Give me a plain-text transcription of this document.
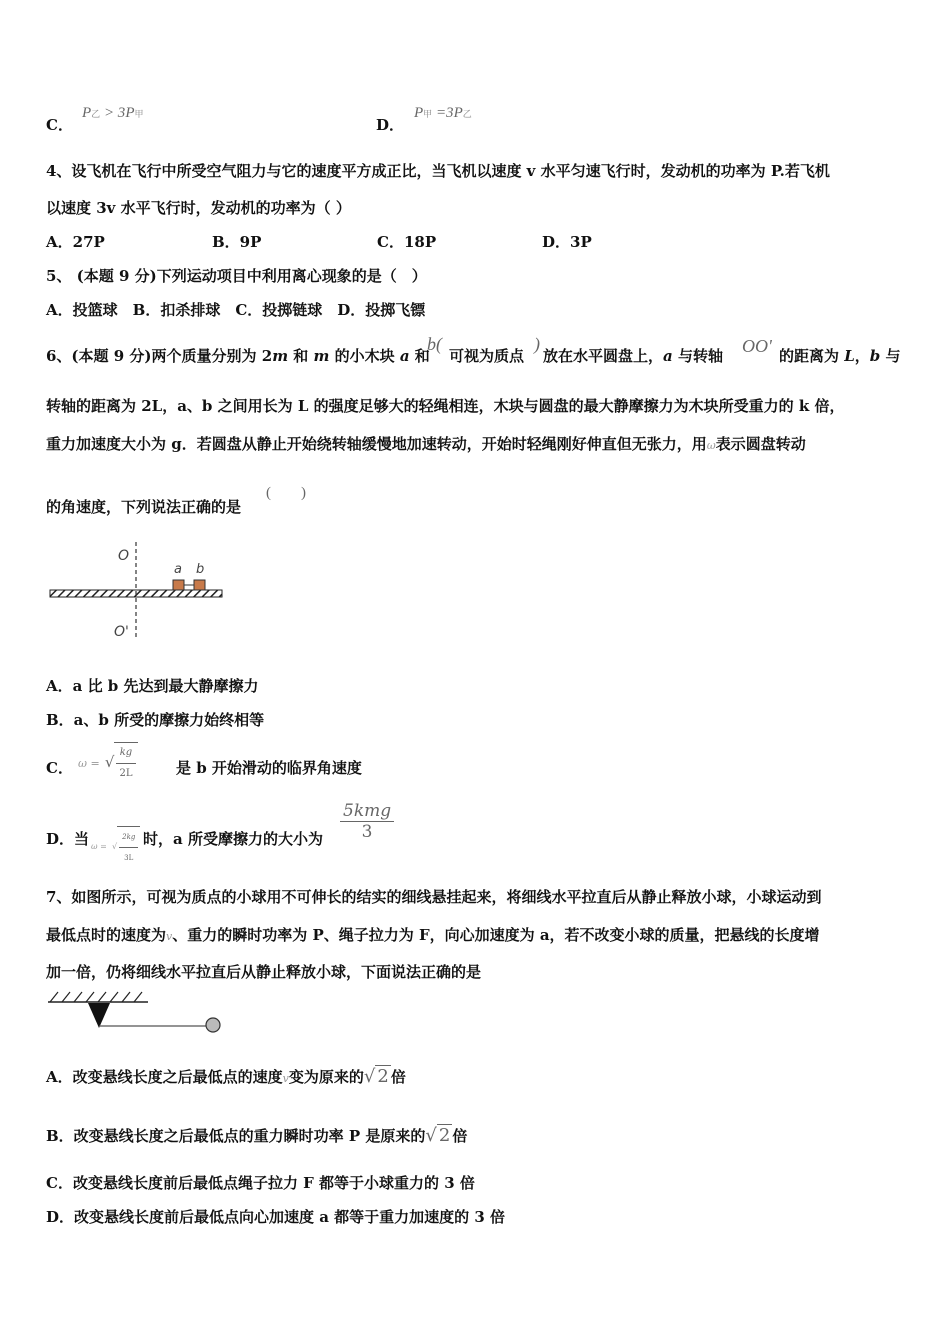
C．
P乙 > 3P甲
D．
P甲 =3P乙
4、设飞机在飞行中所受空气阻力与它的速度平方成正比，当飞机以速度 v 水平匀速飞行时，发动机的功率为 P.若飞机
以速度 3v 水平飞行时，发动机的功率为（ ）
A．27P	B．9P	C．18P	D．3P
5、 (本题 9 分)下列运动项目中利用离心现象的是（　）
A．投篮球　B．扣杀排球　C．投掷链球　D．投掷飞镖
6、(本题 9 分)两个质量分别为 2m 和 m 的小木块 a 和
b(
可视为质点
)
放在水平圆盘上，a 与转轴 OO' 的距离为 L，b 与
转轴的距离为 2L，a、b 之间用长为 L 的强度足够大的轻绳相连，木块与圆盘的最大静摩擦力为木块所受重力的 k 倍，
重力加速度大小为 g．若圆盘从静止开始绕转轴缓慢地加速转动，开始时轻绳刚好伸直但无张力，用ω表示圆盘转动
的角速度，下列说法正确的是
(　　)
O
O'
a b
A．a 比 b 先达到最大静摩擦力
B．a、b 所受的摩擦力始终相等
C． ω = √ $\frac{kg}{2L}$	是 b 开始滑动的临界角速度
D．当 ω = √ $\frac{2kg}{3L}$ 时，a 所受摩擦力的大小为 $\frac{\text{5kmg}}{3}$
7、如图所示，可视为质点的小球用不可伸长的结实的细线悬挂起来，将细线水平拉直后从静止释放小球，小球运动到
最低点时的速度为v、重力的瞬时功率为 P、绳子拉力为 F，向心加速度为 a，若不改变小球的质量，把悬线的长度增
加一倍，仍将细线水平拉直后从静止释放小球，下面说法正确的是
A．改变悬线长度之后最低点的速度v变为原来的√ 2 倍
B．改变悬线长度之后最低点的重力瞬时功率 P 是原来的√ 2 倍
C．改变悬线长度前后最低点绳子拉力 F 都等于小球重力的 3 倍
D．改变悬线长度前后最低点向心加速度 a 都等于重力加速度的 3 倍
